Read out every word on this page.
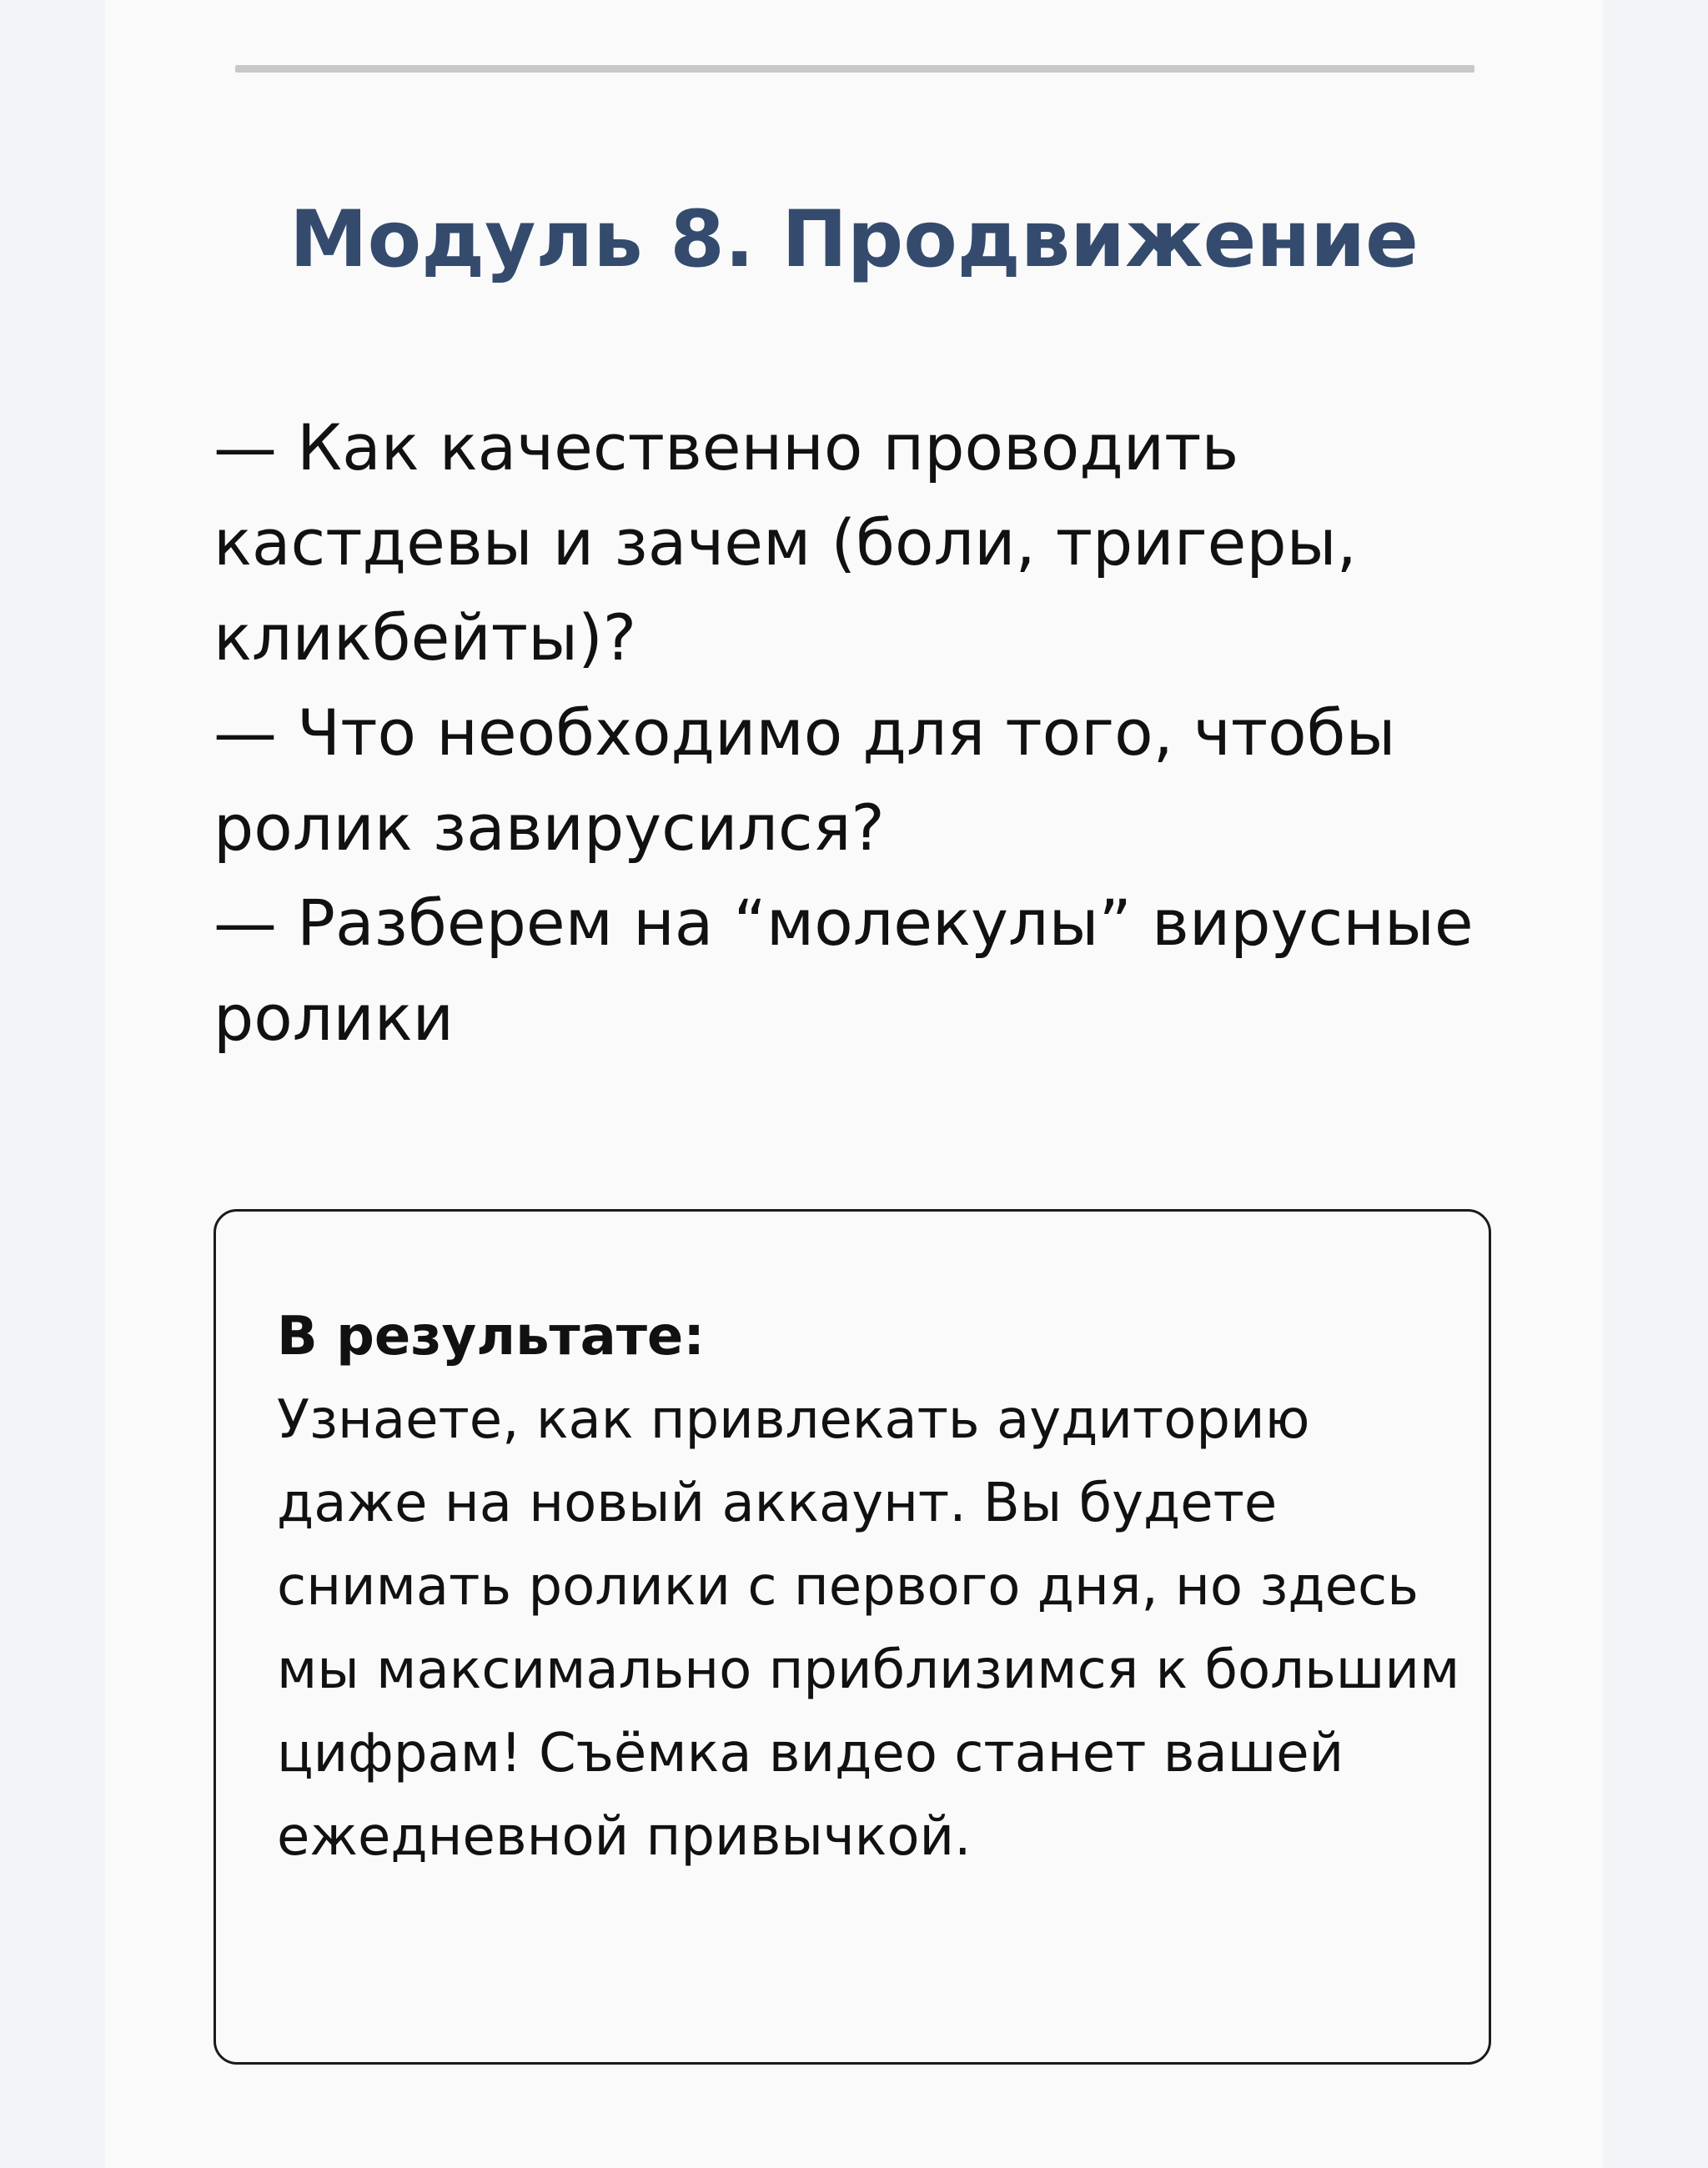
Модуль 8. Продвижение
— Как качественно проводить кастдевы и зачем (боли, тригеры, кликбейты)?
— Что необходимо для того, чтобы ролик завирусился?
— Разберем на “молекулы” вирусные ролики

В результате:
Узнаете, как привлекать аудиторию даже на новый аккаунт. Вы будете снимать ролики с первого дня, но здесь мы максимально приблизимся к большим цифрам! Съёмка видео станет вашей ежедневной привычкой.
